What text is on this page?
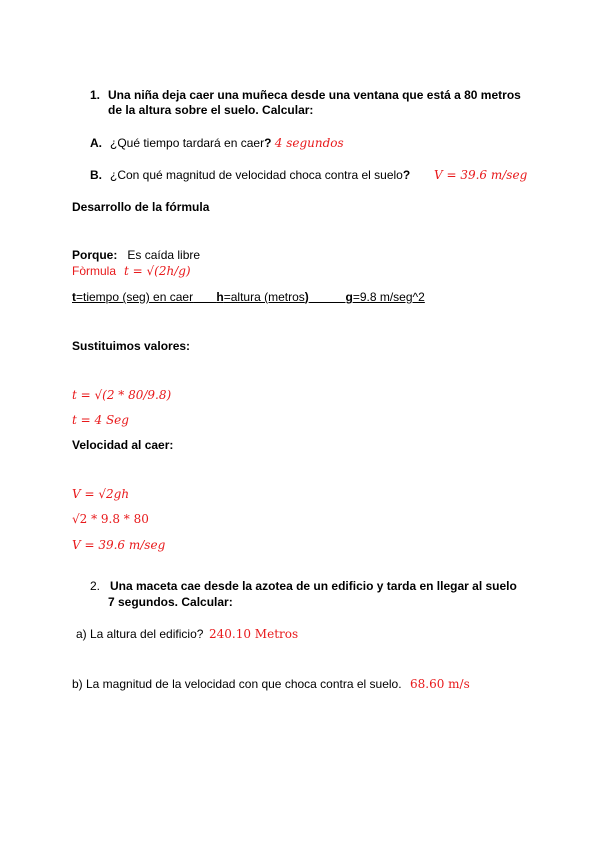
1. Una niña deja caer una muñeca desde una ventana que está a 80 metros
de la altura sobre el suelo. Calcular:
A. ¿Qué tiempo tardará en caer? 4 segundos
B. ¿Con qué magnitud de velocidad choca contra el suelo? V = 39.6 m/seg
Desarrollo de la fórmula
Porque: Es caída libre
Fòrmula t = √(2h/g)
t=tiempo (seg) en caer h=altura (metros)	g=9.8 m/seg^2
Sustituimos valores:
t = √(2 * 80/9.8)
t = 4 Seg
Velocidad al caer:
V = √2gh
√2 * 9.8 * 80
V = 39.6 m/seg
2. Una maceta cae desde la azotea de un edificio y tarda en llegar al suelo
7 segundos. Calcular:
a) La altura del edificio? 240.10 Metros
b) La magnitud de la velocidad con que choca contra el suelo. 68.60 m/s
